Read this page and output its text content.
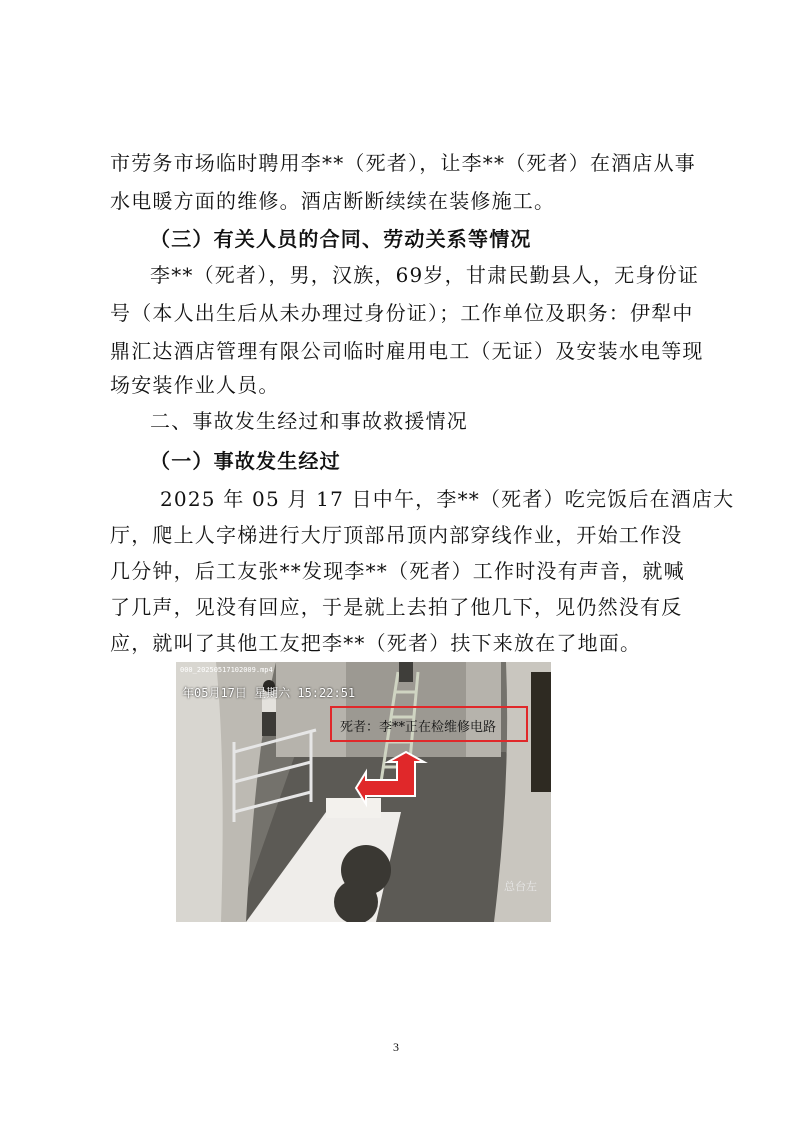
市劳务市场临时聘用李**（死者），让李**（死者）在酒店从事
水电暖方面的维修。酒店断断续续在装修施工。
（三）有关人员的合同、劳动关系等情况
李**（死者），男，汉族，69岁，甘肃民勤县人，无身份证
号（本人出生后从未办理过身份证）；工作单位及职务：伊犁中
鼎汇达酒店管理有限公司临时雇用电工（无证）及安装水电等现
场安装作业人员。
二、事故发生经过和事故救援情况
（一）事故发生经过
2025 年 05 月 17 日中午，李**（死者）吃完饭后在酒店大
厅，爬上人字梯进行大厅顶部吊顶内部穿线作业，开始工作没
几分钟，后工友张**发现李**（死者）工作时没有声音，就喊
了几声，见没有回应，于是就上去拍了他几下，见仍然没有反
应，就叫了其他工友把李**（死者）扶下来放在了地面。
000_20250517102009.mp4
年05月17日 星期六 15:22:51
死者：李**正在检维修电路
总台左
3
